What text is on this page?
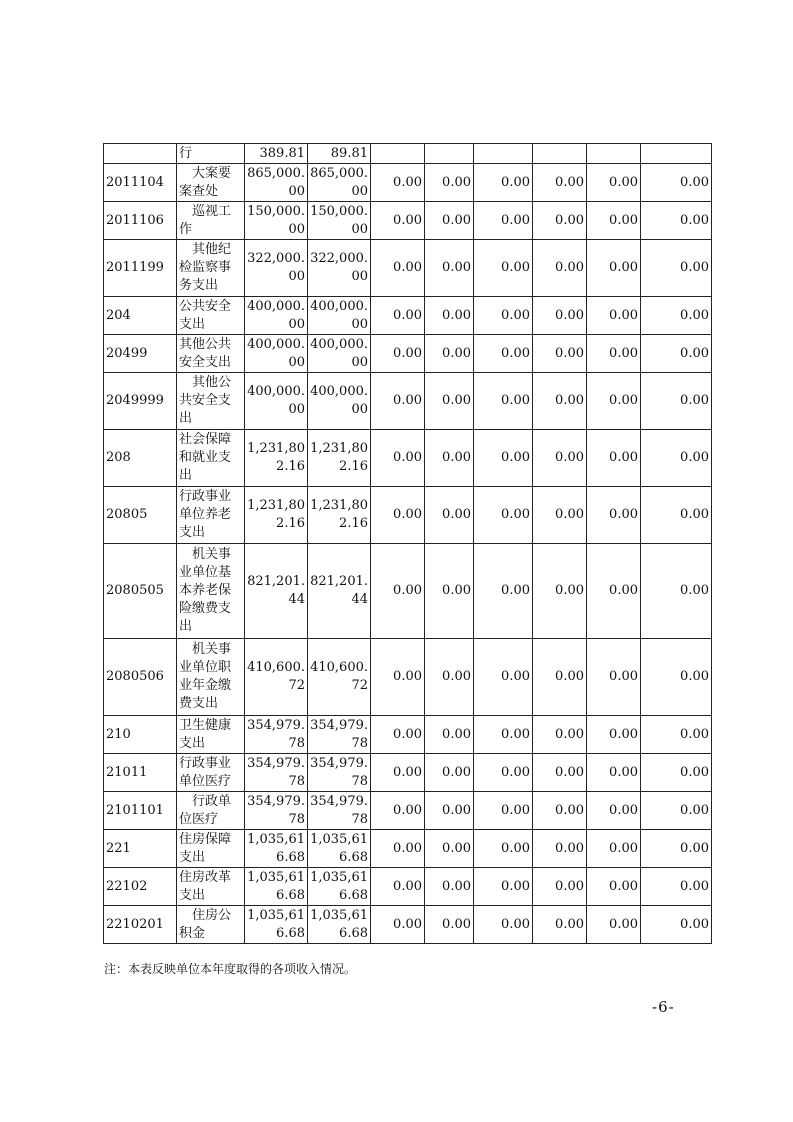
	行	389.81	89.81						
2011104	大案要案查处	865,000.00	865,000.00	0.00	0.00	0.00	0.00	0.00	0.00
2011106	巡视工作	150,000.00	150,000.00	0.00	0.00	0.00	0.00	0.00	0.00
2011199	其他纪检监察事务支出	322,000.00	322,000.00	0.00	0.00	0.00	0.00	0.00	0.00
204	公共安全支出	400,000.00	400,000.00	0.00	0.00	0.00	0.00	0.00	0.00
20499	其他公共安全支出	400,000.00	400,000.00	0.00	0.00	0.00	0.00	0.00	0.00
2049999	其他公共安全支出	400,000.00	400,000.00	0.00	0.00	0.00	0.00	0.00	0.00
208	社会保障和就业支出	1,231,802.16	1,231,802.16	0.00	0.00	0.00	0.00	0.00	0.00
20805	行政事业单位养老支出	1,231,802.16	1,231,802.16	0.00	0.00	0.00	0.00	0.00	0.00
2080505	机关事业单位基本养老保险缴费支出	821,201.44	821,201.44	0.00	0.00	0.00	0.00	0.00	0.00
2080506	机关事业单位职业年金缴费支出	410,600.72	410,600.72	0.00	0.00	0.00	0.00	0.00	0.00
210	卫生健康支出	354,979.78	354,979.78	0.00	0.00	0.00	0.00	0.00	0.00
21011	行政事业单位医疗	354,979.78	354,979.78	0.00	0.00	0.00	0.00	0.00	0.00
2101101	行政单位医疗	354,979.78	354,979.78	0.00	0.00	0.00	0.00	0.00	0.00
221	住房保障支出	1,035,616.68	1,035,616.68	0.00	0.00	0.00	0.00	0.00	0.00
22102	住房改革支出	1,035,616.68	1,035,616.68	0.00	0.00	0.00	0.00	0.00	0.00
2210201	住房公积金	1,035,616.68	1,035,616.68	0.00	0.00	0.00	0.00	0.00	0.00
注：本表反映单位本年度取得的各项收入情况。
-6-
